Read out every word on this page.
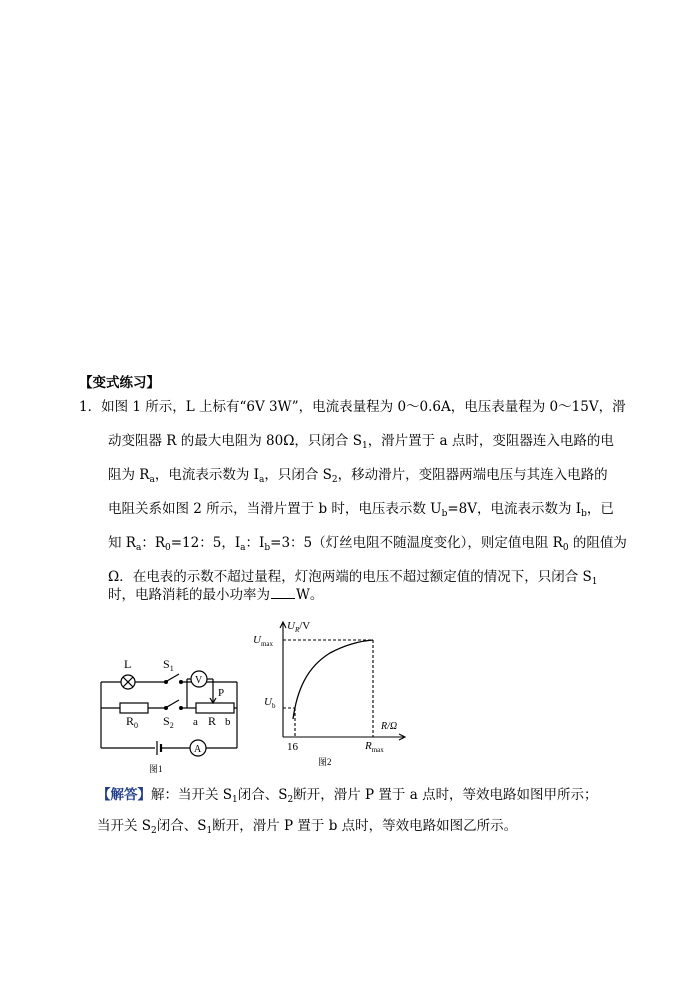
【变式练习】
1．如图 1 所示，L 上标有“6V 3W”，电流表量程为 0～0.6A，电压表量程为 0～15V，滑
动变阻器 R 的最大电阻为 80Ω，只闭合 $S_1$，滑片置于 a 点时，变阻器连入电路的电
阻为 $R_a$，电流表示数为 $I_a$，只闭合 $S_2$，移动滑片，变阻器两端电压与其连入电路的
电阻关系如图 2 所示，当滑片置于 b 时，电压表示数 $U_b=8V$，电流表示数为 $I_b$，已
知 $R_a$：$R_0=12$：5，$I_a$：$I_b=3$：5（灯丝电阻不随温度变化），则定值电阻 $R_0$ 的阻值为
Ω．在电表的示数不超过量程，灯泡两端的电压不超过额定值的情况下，只闭合 $S_1$
时，电路消耗的最小功率为 W。
L	$S_1$
V
P
$R_0$ $S_2$ a R b
A
图1
$U_R/V$
$U_{max}$
$U_b$
R/Ω
16	$R_{max}$
图2
【解答】解：当开关 $S_1$闭合、$S_2$断开，滑片 P 置于 a 点时，等效电路如图甲所示；
当开关 $S_2$闭合、$S_1$断开，滑片 P 置于 b 点时，等效电路如图乙所示。
